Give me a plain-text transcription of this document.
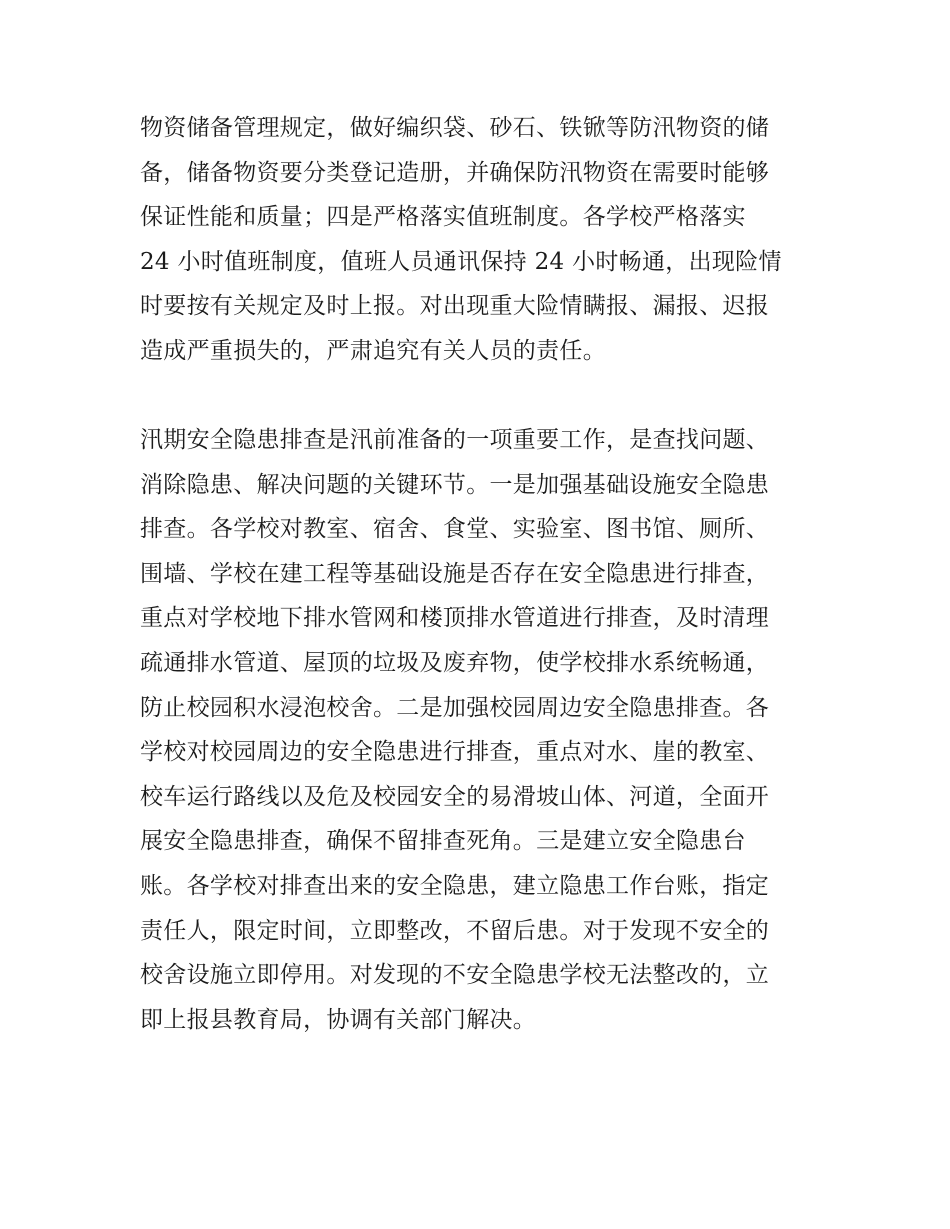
物资储备管理规定，做好编织袋、砂石、铁锨等防汛物资的储
备，储备物资要分类登记造册，并确保防汛物资在需要时能够
保证性能和质量；四是严格落实值班制度。各学校严格落实
24 小时值班制度，值班人员通讯保持 24 小时畅通，出现险情
时要按有关规定及时上报。对出现重大险情瞒报、漏报、迟报
造成严重损失的，严肃追究有关人员的责任。
汛期安全隐患排查是汛前准备的一项重要工作，是查找问题、
消除隐患、解决问题的关键环节。一是加强基础设施安全隐患
排查。各学校对教室、宿舍、食堂、实验室、图书馆、厕所、
围墙、学校在建工程等基础设施是否存在安全隐患进行排查，
重点对学校地下排水管网和楼顶排水管道进行排查，及时清理
疏通排水管道、屋顶的垃圾及废弃物，使学校排水系统畅通，
防止校园积水浸泡校舍。二是加强校园周边安全隐患排查。各
学校对校园周边的安全隐患进行排查，重点对水、崖的教室、
校车运行路线以及危及校园安全的易滑坡山体、河道，全面开
展安全隐患排查，确保不留排查死角。三是建立安全隐患台
账。各学校对排查出来的安全隐患，建立隐患工作台账，指定
责任人，限定时间，立即整改，不留后患。对于发现不安全的
校舍设施立即停用。对发现的不安全隐患学校无法整改的，立
即上报县教育局，协调有关部门解决。
